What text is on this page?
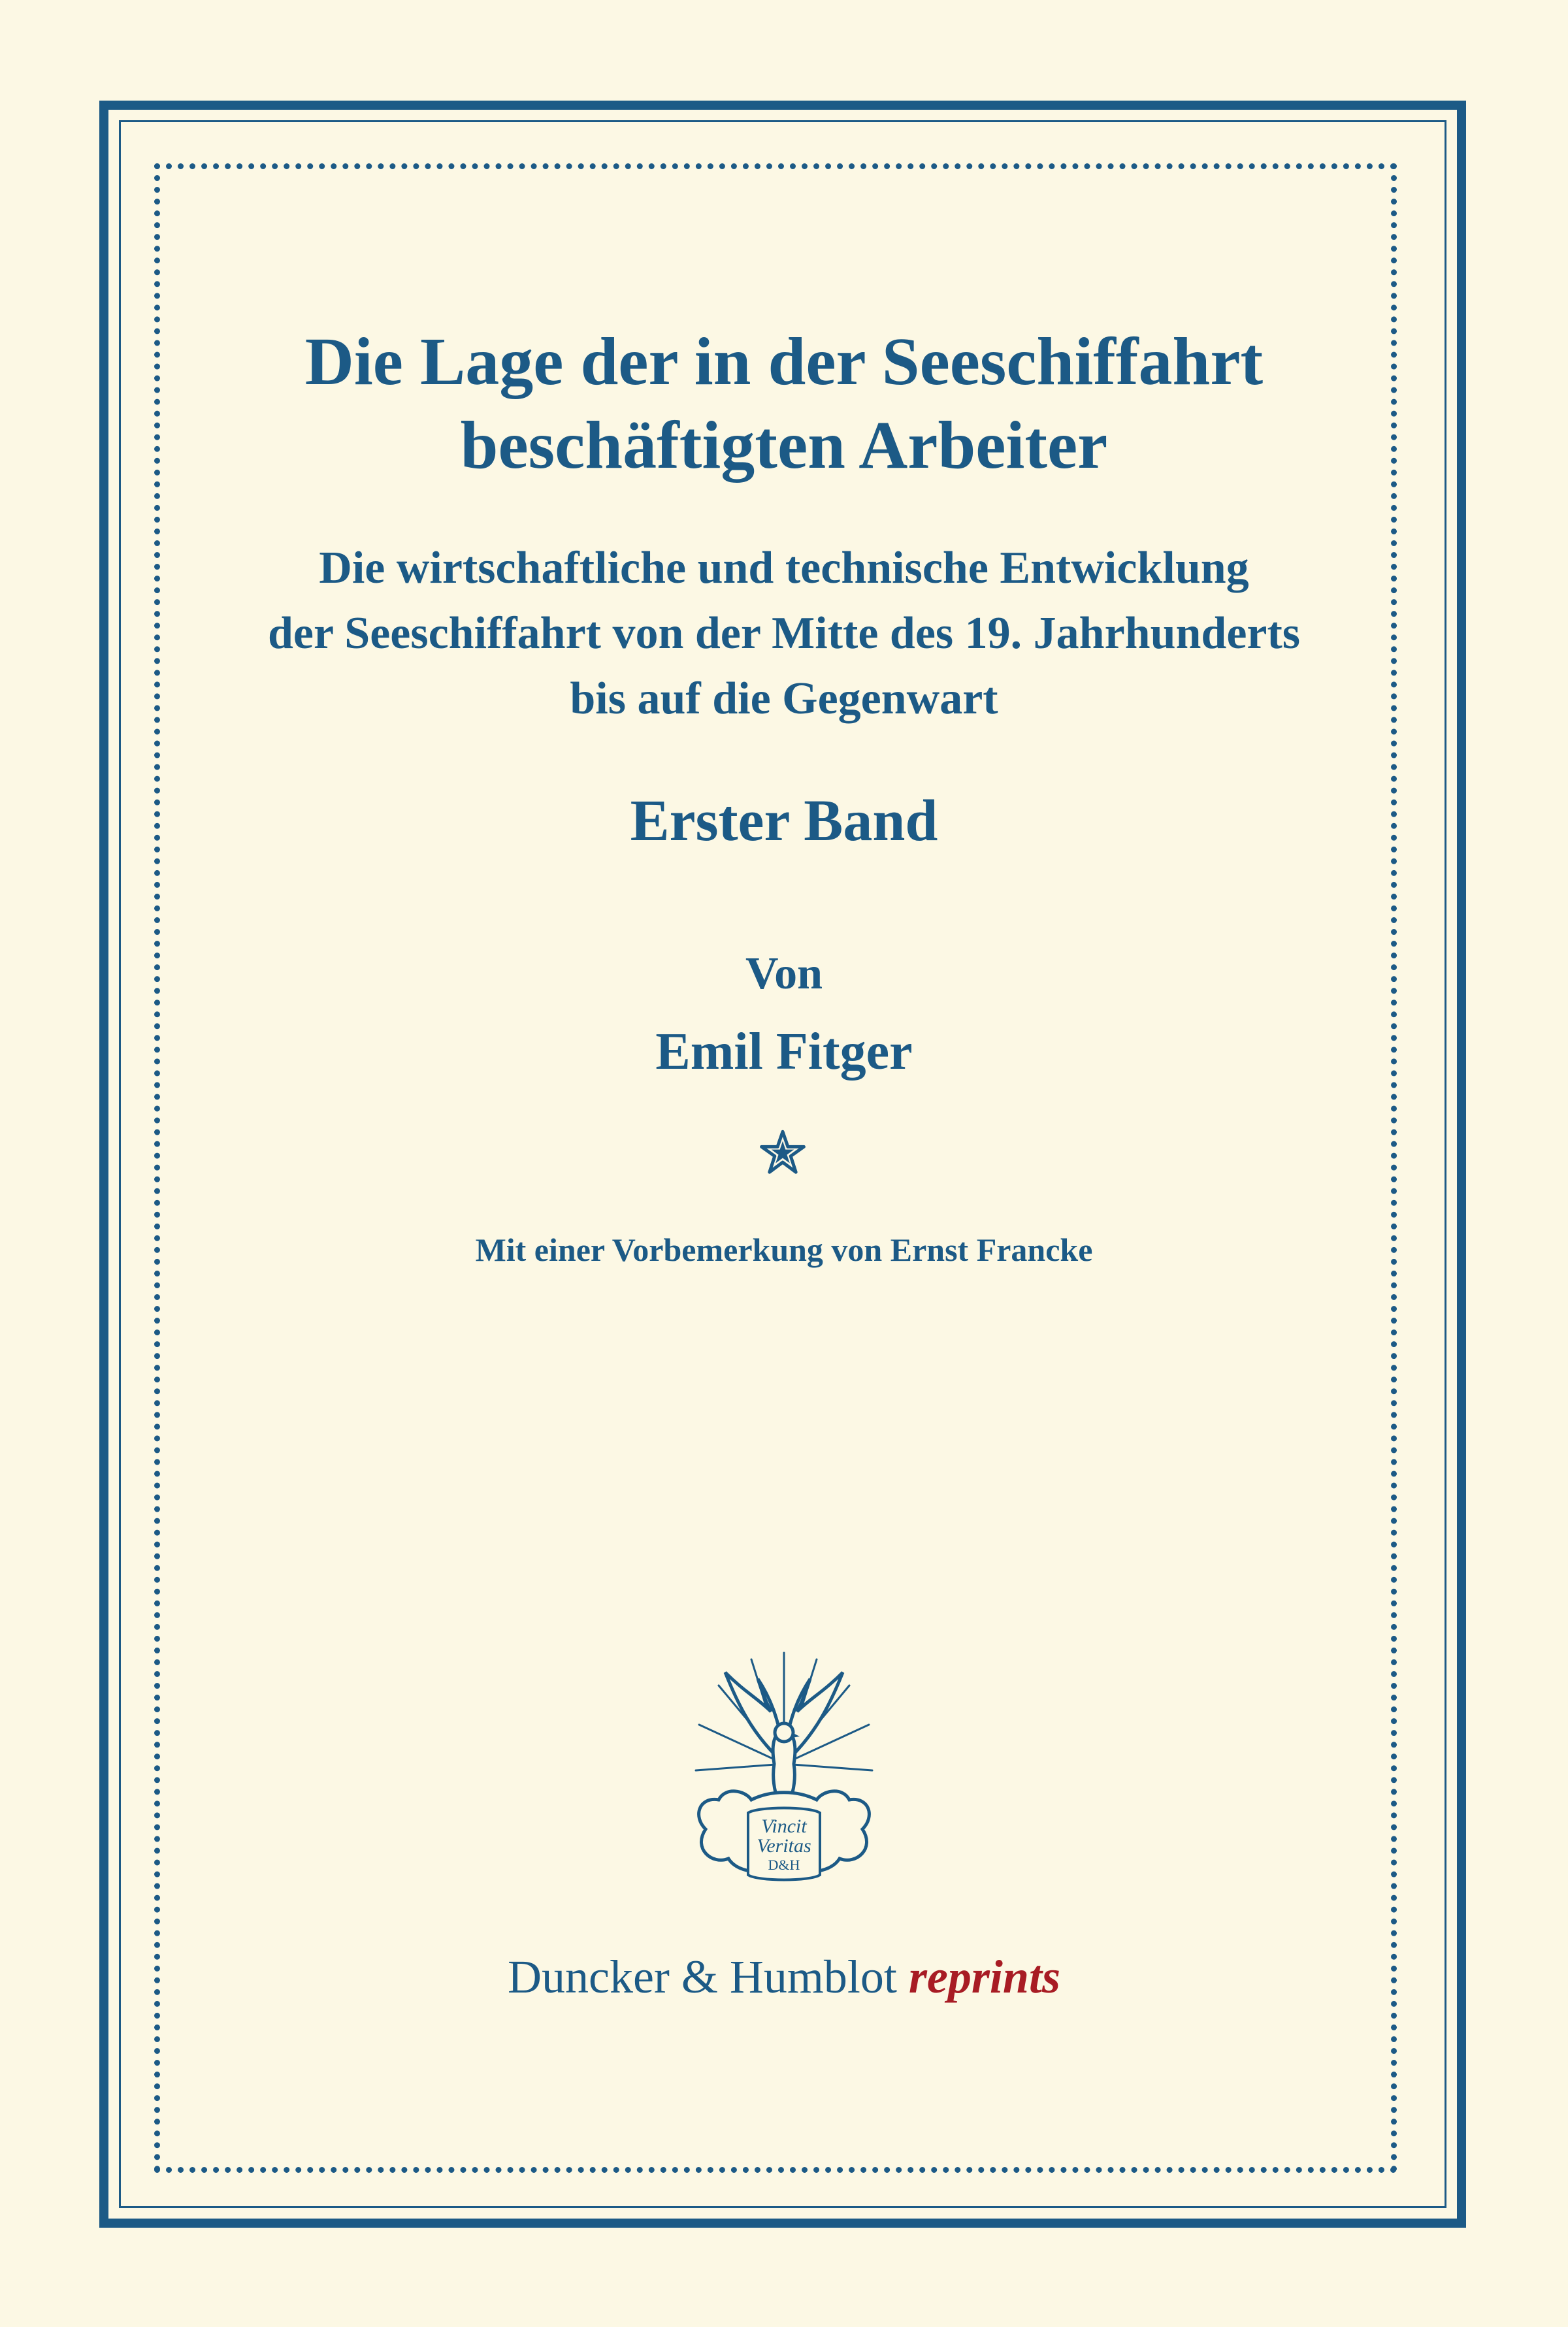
Die Lage der in der Seeschiffahrt
beschäftigten Arbeiter
Die wirtschaftliche und technische Entwicklung
der Seeschiffahrt von der Mitte des 19. Jahrhunderts
bis auf die Gegenwart
Erster Band
Von
Emil Fitger
Mit einer Vorbemerkung von Ernst Francke
Vincit
Veritas
D&H
Duncker & Humblot reprints
